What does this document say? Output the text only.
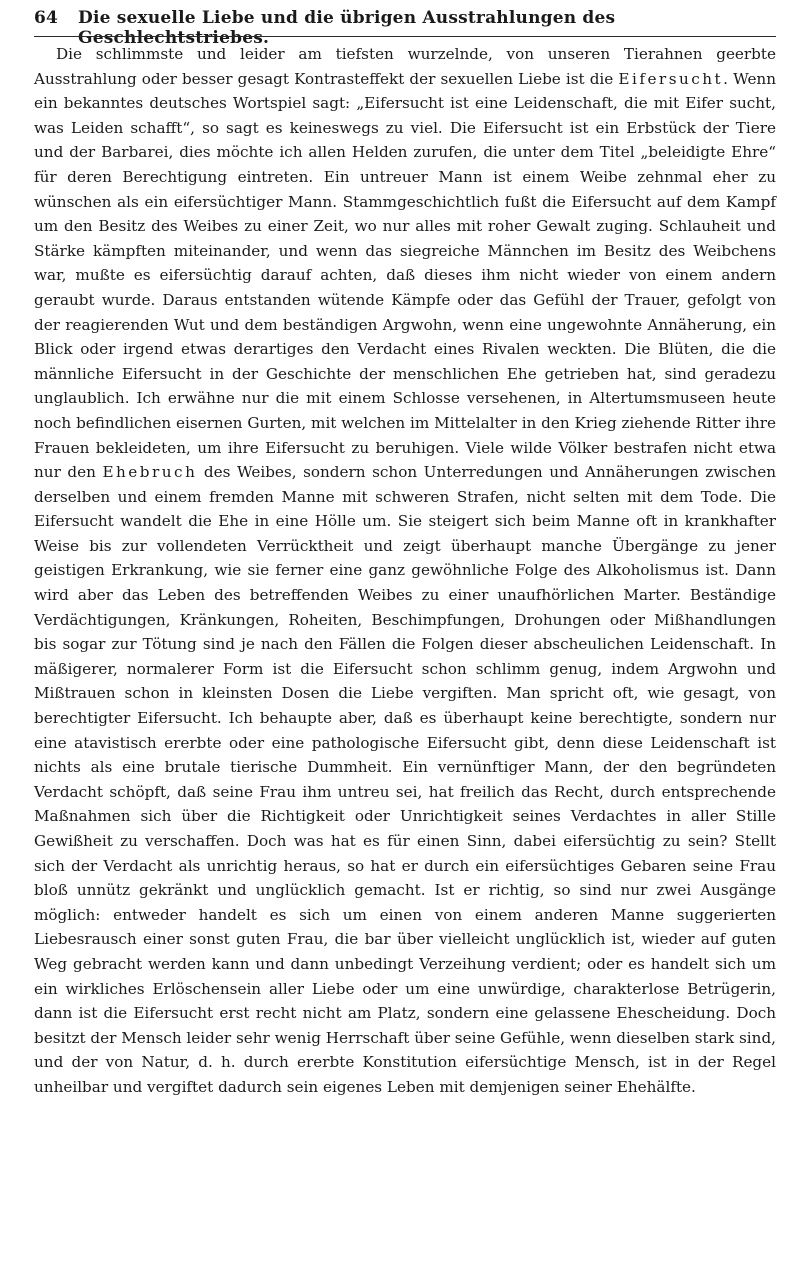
64	Die sexuelle Liebe und die übrigen Ausstrahlungen des Geschlechtstriebes.

Die schlimmste und leider am tiefsten wurzelnde, von unseren Tierahnen geerbte Ausstrahlung oder besser gesagt Kontrasteffekt der sexuellen Liebe ist die Eifersucht. Wenn ein bekanntes deutsches Wortspiel sagt: „Eifersucht ist eine Leidenschaft, die mit Eifer sucht, was Leiden schafft“, so sagt es keineswegs zu viel. Die Eifersucht ist ein Erbstück der Tiere und der Barbarei, dies möchte ich allen Helden zurufen, die unter dem Titel „beleidigte Ehre“ für deren Berechtigung eintreten. Ein untreuer Mann ist einem Weibe zehnmal eher zu wünschen als ein eifersüchtiger Mann. Stammgeschichtlich fußt die Eifersucht auf dem Kampf um den Besitz des Weibes zu einer Zeit, wo nur alles mit roher Gewalt zuging. Schlauheit und Stärke kämpften miteinander, und wenn das siegreiche Männchen im Besitz des Weibchens war, mußte es eifersüchtig darauf achten, daß dieses ihm nicht wieder von einem andern geraubt wurde. Daraus entstanden wütende Kämpfe oder das Gefühl der Trauer, gefolgt von der reagierenden Wut und dem beständigen Argwohn, wenn eine ungewohnte Annäherung, ein Blick oder irgend etwas derartiges den Verdacht eines Rivalen weckten. Die Blüten, die die männliche Eifersucht in der Geschichte der menschlichen Ehe getrieben hat, sind geradezu unglaublich. Ich erwähne nur die mit einem Schlosse versehenen, in Altertumsmuseen heute noch befindlichen eisernen Gurten, mit welchen im Mittelalter in den Krieg ziehende Ritter ihre Frauen bekleideten, um ihre Eifersucht zu beruhigen. Viele wilde Völker bestrafen nicht etwa nur den Ehebruch des Weibes, sondern schon Unterredungen und Annäherungen zwischen derselben und einem fremden Manne mit schweren Strafen, nicht selten mit dem Tode. Die Eifersucht wandelt die Ehe in eine Hölle um. Sie steigert sich beim Manne oft in krankhafter Weise bis zur vollendeten Verrücktheit und zeigt überhaupt manche Übergänge zu jener geistigen Erkrankung, wie sie ferner eine ganz gewöhnliche Folge des Alkoholismus ist. Dann wird aber das Leben des betreffenden Weibes zu einer unaufhörlichen Marter. Beständige Verdächtigungen, Kränkungen, Roheiten, Beschimpfungen, Drohungen oder Mißhandlungen bis sogar zur Tötung sind je nach den Fällen die Folgen dieser abscheulichen Leidenschaft. In mäßigerer, normalerer Form ist die Eifersucht schon schlimm genug, indem Argwohn und Mißtrauen schon in kleinsten Dosen die Liebe vergiften. Man spricht oft, wie gesagt, von berechtigter Eifersucht. Ich behaupte aber, daß es überhaupt keine berechtigte, sondern nur eine atavistisch ererbte oder eine pathologische Eifersucht gibt, denn diese Leidenschaft ist nichts als eine brutale tierische Dummheit. Ein vernünftiger Mann, der den begründeten Verdacht schöpft, daß seine Frau ihm untreu sei, hat freilich das Recht, durch entsprechende Maßnahmen sich über die Richtigkeit oder Unrichtigkeit seines Verdachtes in aller Stille Gewißheit zu verschaffen. Doch was hat es für einen Sinn, dabei eifersüchtig zu sein? Stellt sich der Verdacht als unrichtig heraus, so hat er durch ein eifersüchtiges Gebaren seine Frau bloß unnütz gekränkt und unglücklich gemacht. Ist er richtig, so sind nur zwei Ausgänge möglich: entweder handelt es sich um einen von einem anderen Manne suggerierten Liebesrausch einer sonst guten Frau, die bar über vielleicht unglücklich ist, wieder auf guten Weg gebracht werden kann und dann unbedingt Verzeihung verdient; oder es handelt sich um ein wirkliches Erlöschensein aller Liebe oder um eine unwürdige, charakterlose Betrügerin, dann ist die Eifersucht erst recht nicht am Platz, sondern eine gelassene Ehescheidung. Doch besitzt der Mensch leider sehr wenig Herrschaft über seine Gefühle, wenn dieselben stark sind, und der von Natur, d. h. durch ererbte Konstitution eifersüchtige Mensch, ist in der Regel unheilbar und vergiftet dadurch sein eigenes Leben mit demjenigen seiner Ehehälfte.
